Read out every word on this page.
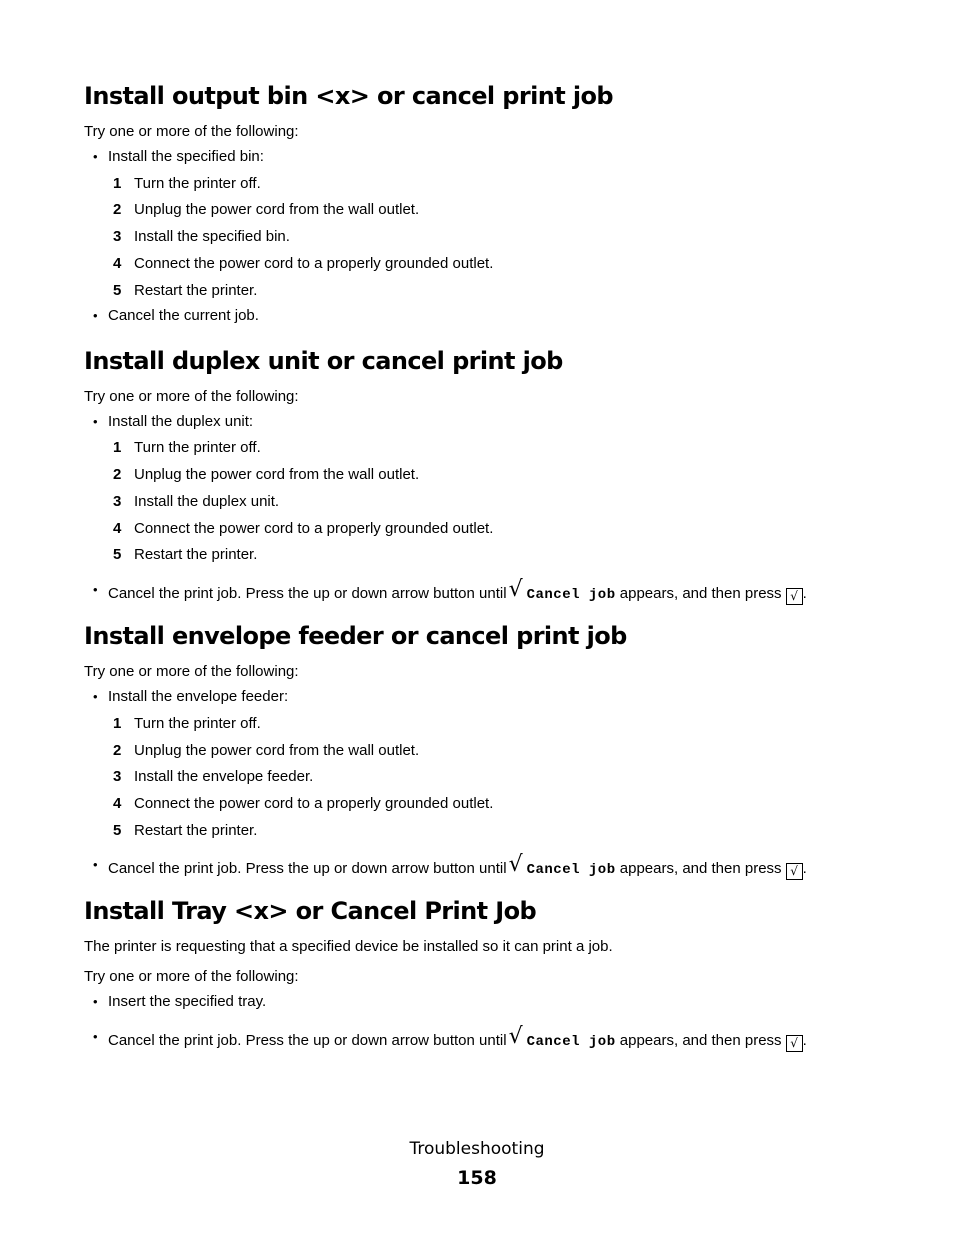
Install output bin <x> or cancel print job
Try one or more of the following:
• Install the specified bin:
1 Turn the printer off.
2 Unplug the power cord from the wall outlet.
3 Install the specified bin.
4 Connect the power cord to a properly grounded outlet.
5 Restart the printer.
• Cancel the current job.
Install duplex unit or cancel print job
Try one or more of the following:
• Install the duplex unit:
1 Turn the printer off.
2 Unplug the power cord from the wall outlet.
3 Install the duplex unit.
4 Connect the power cord to a properly grounded outlet.
5 Restart the printer.
• Cancel the print job. Press the up or down arrow button until√ Cancel job appears, and then press √ .
Install envelope feeder or cancel print job
Try one or more of the following:
• Install the envelope feeder:
1 Turn the printer off.
2 Unplug the power cord from the wall outlet.
3 Install the envelope feeder.
4 Connect the power cord to a properly grounded outlet.
5 Restart the printer.
• Cancel the print job. Press the up or down arrow button until√ Cancel job appears, and then press √ .
Install Tray <x> or Cancel Print Job
The printer is requesting that a specified device be installed so it can print a job.
Try one or more of the following:
• Insert the specified tray.
• Cancel the print job. Press the up or down arrow button until√ Cancel job appears, and then press √ .
Troubleshooting
158
